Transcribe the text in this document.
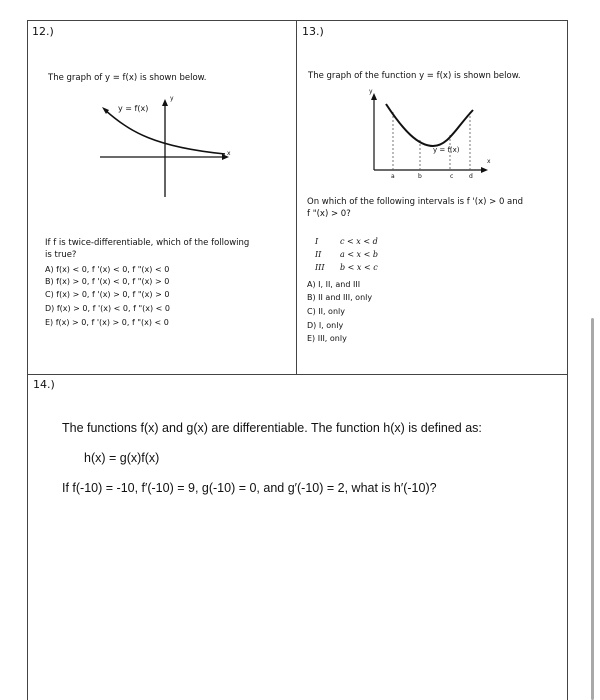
12.)
The graph of y = f(x) is shown below.
y = f(x)
y
x
If f is twice-differentiable, which of the following
is true?
A) f(x) < 0, f '(x) < 0, f "(x) < 0
B) f(x) > 0, f '(x) < 0, f "(x) > 0
C) f(x) > 0, f '(x) > 0, f "(x) > 0
D) f(x) > 0, f '(x) < 0, f "(x) < 0
E) f(x) > 0, f '(x) > 0, f "(x) < 0
13.)
The graph of the function y = f(x) is shown below.
y
x
y = f(x)
a	b	c	d
On which of the following intervals is f '(x) > 0 and
f "(x) > 0?
I	c < x < d
II a < x < b
III b < x < c
A) I, II, and III
B) II and III, only
C) II, only
D) I, only
E) III, only
14.)
The functions f(x) and g(x) are differentiable. The function h(x) is defined as:
h(x) = g(x)f(x)
If f(-10) = -10, f′(-10) = 9, g(-10) = 0, and g′(-10) = 2, what is h′(-10)?
